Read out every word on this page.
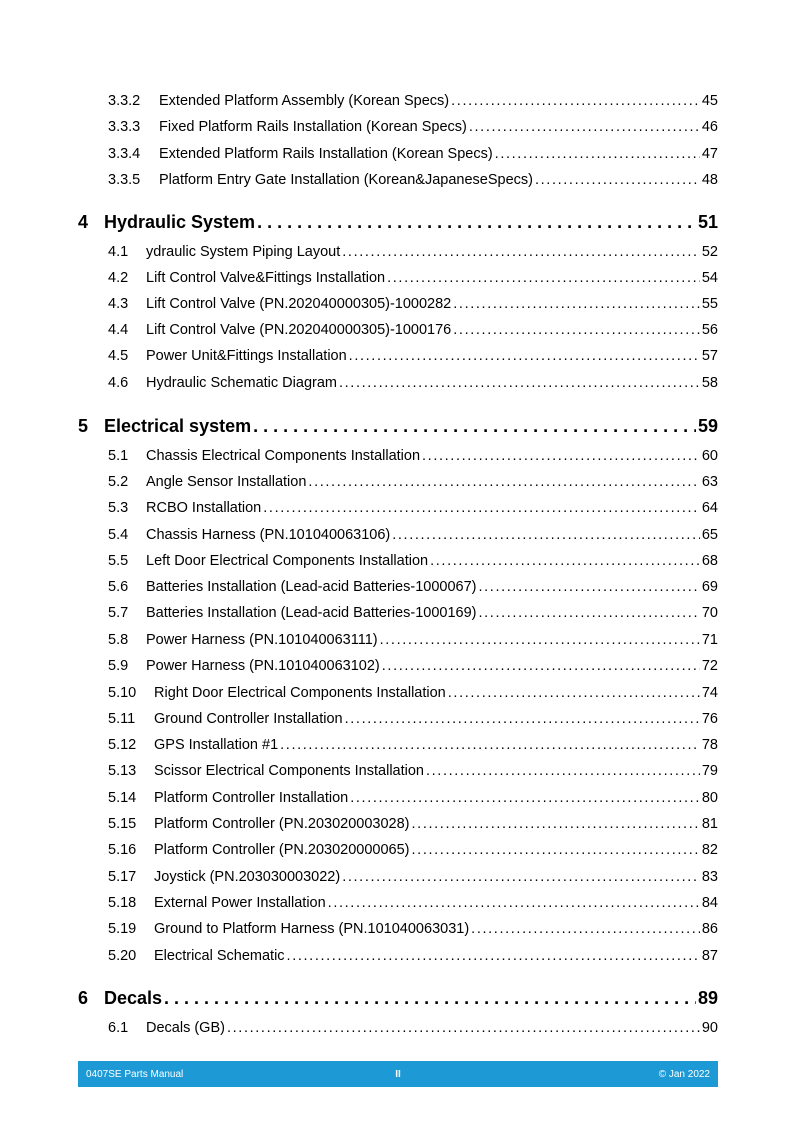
3.3.2	Extended Platform Assembly (Korean Specs) . . .	45
3.3.3	Fixed Platform Rails Installation (Korean Specs) . . .	46
3.3.4	Extended Platform Rails Installation (Korean Specs) . . .	47
3.3.5	Platform Entry Gate Installation (Korean&JapaneseSpecs) . . .	48
4 Hydraulic System . . .	51
4.1	ydraulic System Piping Layout . . .	52
4.2	Lift Control Valve&Fittings Installation . . .	54
4.3	Lift Control Valve (PN.202040000305)-1000282 . . .	55
4.4	Lift Control Valve (PN.202040000305)-1000176 . . .	56
4.5	Power Unit&Fittings Installation . . .	57
4.6	Hydraulic Schematic Diagram . . .	58
5 Electrical system . . .	59
5.1	Chassis Electrical Components Installation . . .	60
5.2	Angle Sensor Installation . . .	63
5.3	RCBO Installation . . .	64
5.4	Chassis Harness (PN.101040063106) . . .	65
5.5	Left Door Electrical Components Installation . . .	68
5.6	Batteries Installation (Lead-acid Batteries-1000067) . . .	69
5.7	Batteries Installation (Lead-acid Batteries-1000169) . . .	70
5.8	Power Harness (PN.101040063111) . . .	71
5.9	Power Harness (PN.101040063102) . . .	72
5.10	Right Door Electrical Components Installation . . .	74
5.11	Ground Controller Installation . . .	76
5.12	GPS Installation #1 . . .	78
5.13	Scissor Electrical Components Installation . . .	79
5.14	Platform Controller Installation . . .	80
5.15	Platform Controller (PN.203020003028) . . .	81
5.16	Platform Controller (PN.203020000065) . . .	82
5.17	Joystick (PN.203030003022) . . .	83
5.18	External Power Installation . . .	84
5.19	Ground to Platform Harness (PN.101040063031) . . .	86
5.20	Electrical Schematic . . .	87
6 Decals . . .	89
6.1	Decals (GB) . . .	90
0407SE Parts Manual	II	© Jan 2022
